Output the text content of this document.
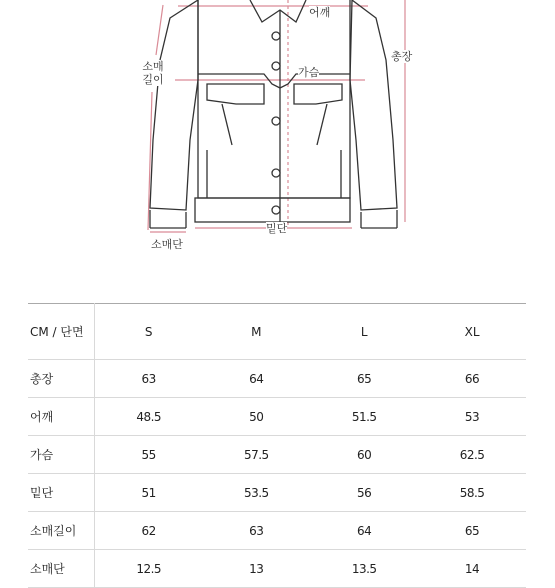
어깨
총장
가슴
밑단
소매단
소매길이
CM / 단면	S	M	L	XL
총장	63	64	65	66
어깨	48.5	50	51.5	53
가슴	55	57.5	60	62.5
밑단	51	53.5	56	58.5
소매길이	62	63	64	65
소매단	12.5	13	13.5	14
